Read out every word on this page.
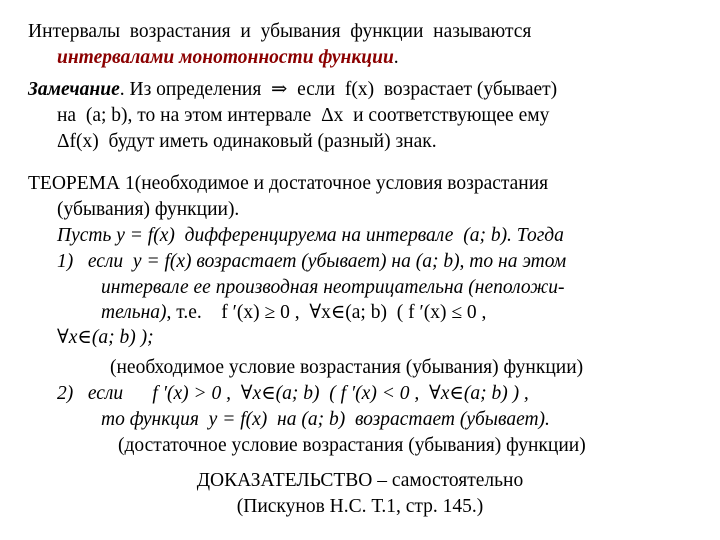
Интервалы  возрастания  и  убывания  функции  называются
интервалами монотонности функции.
Замечание. Из определения  ⇒  если  f(x)  возрастает (убывает)
на  (a; b), то на этом интервале  Δx  и соответствующее ему
Δf(x)  будут иметь одинаковый (разный) знак.
ТЕОРЕМА 1(необходимое и достаточное условия возрастания
(убывания) функции).
Пусть y = f(x)  дифференцируема на интервале  (a; b). Тогда
1)   если  y = f(x) возрастает (убывает) на (a; b), то на этом
интервале ее производная неотрицательна (неположи-
тельна), т.е.    f ′(x) ≥ 0 ,  ∀x∈(a; b)  ( f ′(x) ≤ 0 ,
∀x∈(a; b) );
(необходимое условие возрастания (убывания) функции)
2)   если      f ′(x) > 0 ,  ∀x∈(a; b)  ( f ′(x) < 0 ,  ∀x∈(a; b) ) ,
то функция  y = f(x)  на (a; b)  возрастает (убывает).
(достаточное условие возрастания (убывания) функции)
ДОКАЗАТЕЛЬСТВО – самостоятельно
(Пискунов Н.С. Т.1, стр. 145.)
